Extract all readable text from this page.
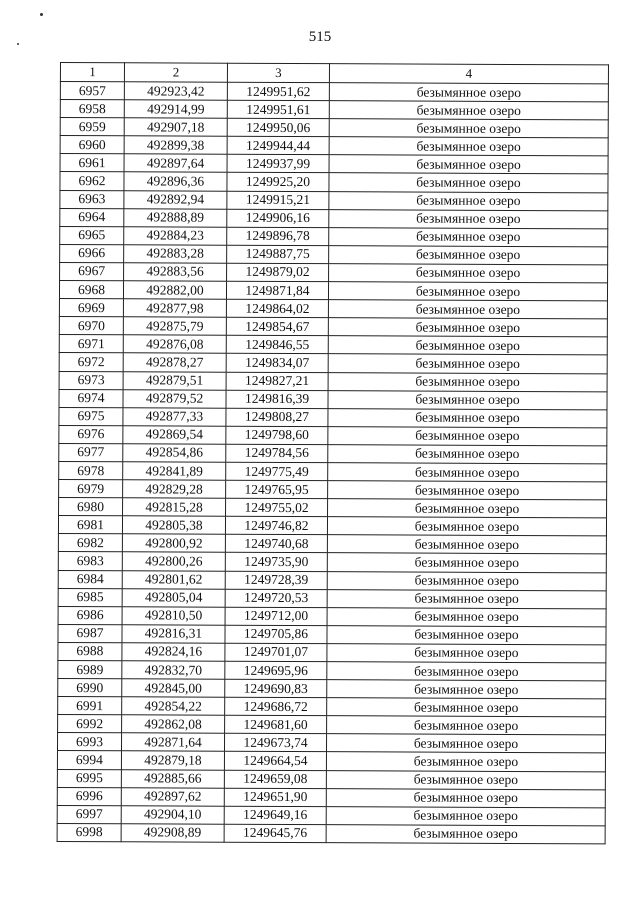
515
1	2	3	4
6957	492923,42	1249951,62	безымянное озеро
6958	492914,99	1249951,61	безымянное озеро
6959	492907,18	1249950,06	безымянное озеро
6960	492899,38	1249944,44	безымянное озеро
6961	492897,64	1249937,99	безымянное озеро
6962	492896,36	1249925,20	безымянное озеро
6963	492892,94	1249915,21	безымянное озеро
6964	492888,89	1249906,16	безымянное озеро
6965	492884,23	1249896,78	безымянное озеро
6966	492883,28	1249887,75	безымянное озеро
6967	492883,56	1249879,02	безымянное озеро
6968	492882,00	1249871,84	безымянное озеро
6969	492877,98	1249864,02	безымянное озеро
6970	492875,79	1249854,67	безымянное озеро
6971	492876,08	1249846,55	безымянное озеро
6972	492878,27	1249834,07	безымянное озеро
6973	492879,51	1249827,21	безымянное озеро
6974	492879,52	1249816,39	безымянное озеро
6975	492877,33	1249808,27	безымянное озеро
6976	492869,54	1249798,60	безымянное озеро
6977	492854,86	1249784,56	безымянное озеро
6978	492841,89	1249775,49	безымянное озеро
6979	492829,28	1249765,95	безымянное озеро
6980	492815,28	1249755,02	безымянное озеро
6981	492805,38	1249746,82	безымянное озеро
6982	492800,92	1249740,68	безымянное озеро
6983	492800,26	1249735,90	безымянное озеро
6984	492801,62	1249728,39	безымянное озеро
6985	492805,04	1249720,53	безымянное озеро
6986	492810,50	1249712,00	безымянное озеро
6987	492816,31	1249705,86	безымянное озеро
6988	492824,16	1249701,07	безымянное озеро
6989	492832,70	1249695,96	безымянное озеро
6990	492845,00	1249690,83	безымянное озеро
6991	492854,22	1249686,72	безымянное озеро
6992	492862,08	1249681,60	безымянное озеро
6993	492871,64	1249673,74	безымянное озеро
6994	492879,18	1249664,54	безымянное озеро
6995	492885,66	1249659,08	безымянное озеро
6996	492897,62	1249651,90	безымянное озеро
6997	492904,10	1249649,16	безымянное озеро
6998	492908,89	1249645,76	безымянное озеро
